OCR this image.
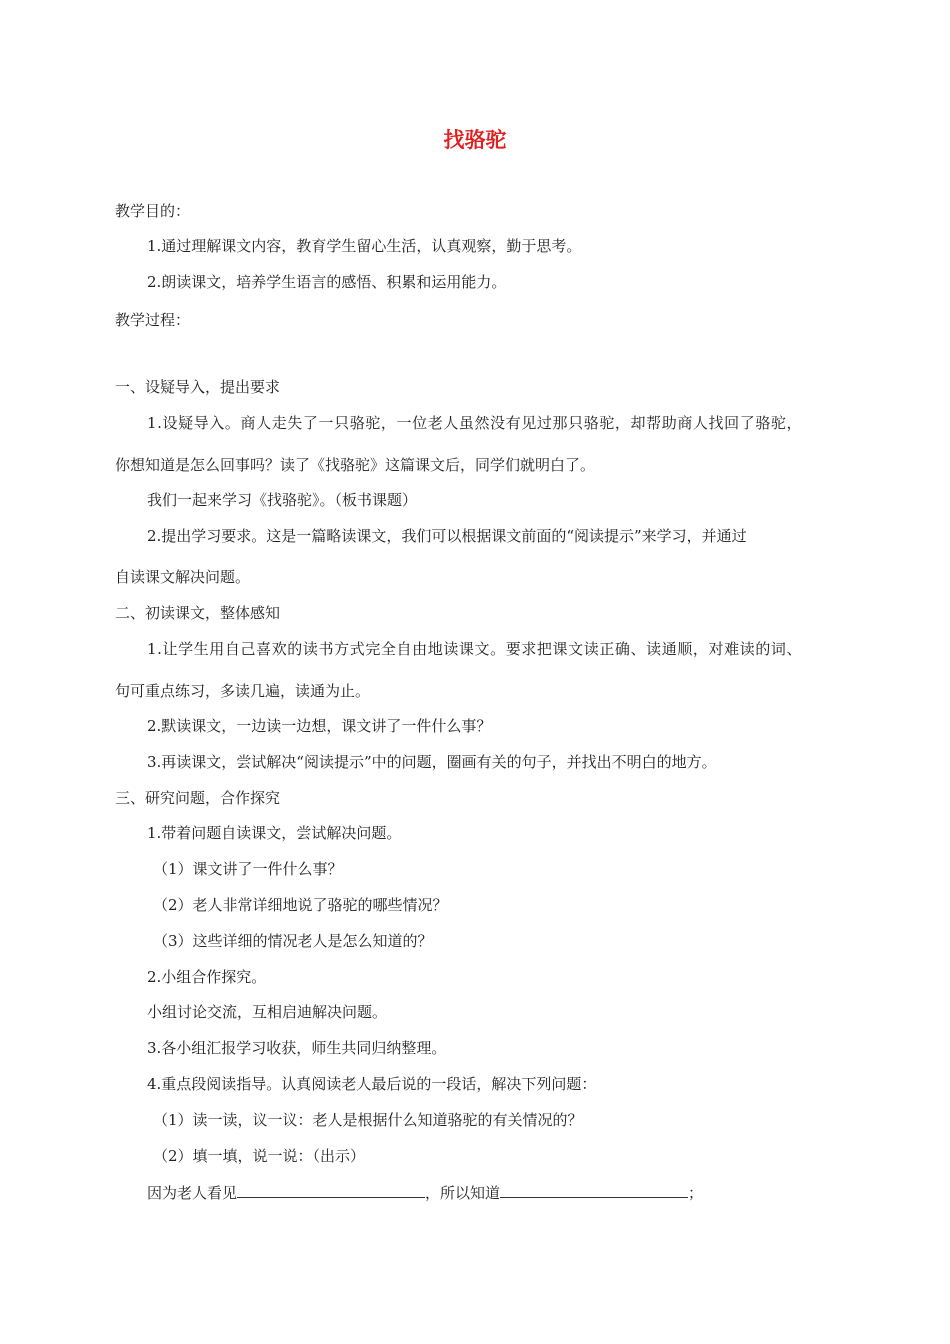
找骆驼
教学目的：
1.通过理解课文内容，教育学生留心生活，认真观察，勤于思考。
2.朗读课文，培养学生语言的感悟、积累和运用能力。
教学过程：
一、设疑导入，提出要求
1.设疑导入。商人走失了一只骆驼，一位老人虽然没有见过那只骆驼，却帮助商人找回了骆驼，
你想知道是怎么回事吗？读了《找骆驼》这篇课文后，同学们就明白了。
我们一起来学习《找骆驼》。（板书课题）
2.提出学习要求。这是一篇略读课文，我们可以根据课文前面的“阅读提示”来学习，并通过
自读课文解决问题。
二、初读课文，整体感知
1.让学生用自己喜欢的读书方式完全自由地读课文。要求把课文读正确、读通顺，对难读的词、
句可重点练习，多读几遍，读通为止。
2.默读课文，一边读一边想，课文讲了一件什么事？
3.再读课文，尝试解决“阅读提示”中的问题，圈画有关的句子，并找出不明白的地方。
三、研究问题，合作探究
1.带着问题自读课文，尝试解决问题。
（1）课文讲了一件什么事？
（2）老人非常详细地说了骆驼的哪些情况？
（3）这些详细的情况老人是怎么知道的？
2.小组合作探究。
小组讨论交流，互相启迪解决问题。
3.各小组汇报学习收获，师生共同归纳整理。
4.重点段阅读指导。认真阅读老人最后说的一段话，解决下列问题：
（1）读一读，议一议：老人是根据什么知道骆驼的有关情况的？
（2）填一填，说一说：（出示）
因为老人看见	，所以知道	；
